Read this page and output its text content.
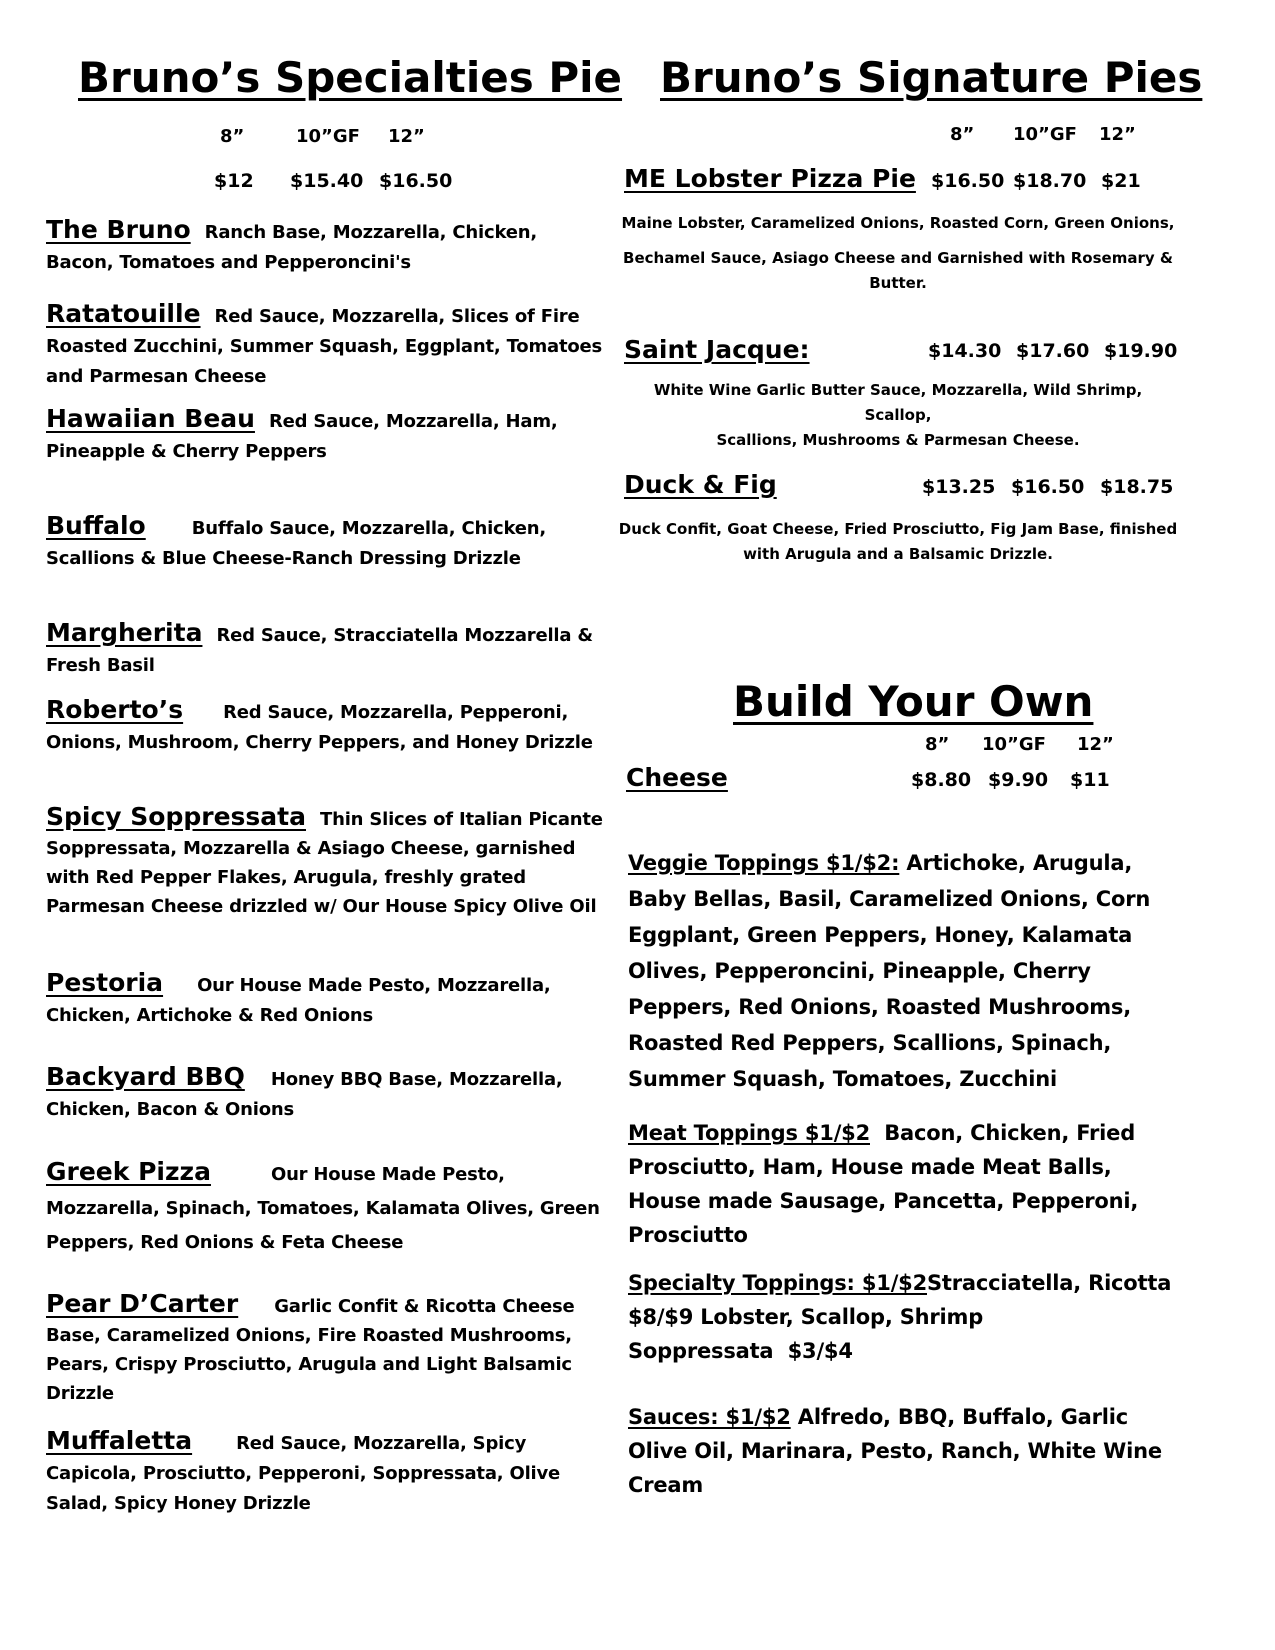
Bruno’s Specialties Pie
8”	10”GF 12”
$12 $15.40 $16.50
The Bruno Ranch Base, Mozzarella, Chicken, Bacon, Tomatoes and Pepperoncini's
Ratatouille Red Sauce, Mozzarella, Slices of Fire Roasted Zucchini, Summer Squash, Eggplant, Tomatoes and Parmesan Cheese
Hawaiian Beau Red Sauce, Mozzarella, Ham, Pineapple & Cherry Peppers
Buffalo	Buffalo Sauce, Mozzarella, Chicken, Scallions & Blue Cheese-Ranch Dressing Drizzle
Margherita Red Sauce, Stracciatella Mozzarella & Fresh Basil
Roberto’s Red Sauce, Mozzarella, Pepperoni, Onions, Mushroom, Cherry Peppers, and Honey Drizzle
Spicy Soppressata Thin Slices of Italian Picante Soppressata, Mozzarella & Asiago Cheese, garnished with Red Pepper Flakes, Arugula, freshly grated Parmesan Cheese drizzled w/ Our House Spicy Olive Oil
Pestoria Our House Made Pesto, Mozzarella, Chicken, Artichoke & Red Onions
Backyard BBQ Honey BBQ Base, Mozzarella, Chicken, Bacon & Onions
Greek Pizza	Our House Made Pesto, Mozzarella, Spinach, Tomatoes, Kalamata Olives, Green Peppers, Red Onions & Feta Cheese
Pear D’Carter Garlic Confit & Ricotta Cheese Base, Caramelized Onions, Fire Roasted Mushrooms, Pears, Crispy Prosciutto, Arugula and Light Balsamic Drizzle
Muffaletta Red Sauce, Mozzarella, Spicy Capicola, Prosciutto, Pepperoni, Soppressata, Olive Salad, Spicy Honey Drizzle
Bruno’s Signature Pies
8” 10”GF 12”
ME Lobster Pizza Pie $16.50 $18.70 $21
Maine Lobster, Caramelized Onions, Roasted Corn, Green Onions,
Bechamel Sauce, Asiago Cheese and Garnished with Rosemary &
Butter.
Saint Jacque:	$14.30 $17.60 $19.90
White Wine Garlic Butter Sauce, Mozzarella, Wild Shrimp, Scallop,
Scallions, Mushrooms & Parmesan Cheese.
Duck & Fig	$13.25 $16.50 $18.75
Duck Confit, Goat Cheese, Fried Prosciutto, Fig Jam Base, finished
with Arugula and a Balsamic Drizzle.
Build Your Own
8” 10”GF 12”
Cheese	$8.80 $9.90 $11
Veggie Toppings $1/$2: Artichoke, Arugula, Baby Bellas, Basil, Caramelized Onions, Corn Eggplant, Green Peppers, Honey, Kalamata Olives, Pepperoncini, Pineapple, Cherry Peppers, Red Onions, Roasted Mushrooms, Roasted Red Peppers, Scallions, Spinach, Summer Squash, Tomatoes, Zucchini
Meat Toppings $1/$2 Bacon, Chicken, Fried Prosciutto, Ham, House made Meat Balls, House made Sausage, Pancetta, Pepperoni, Prosciutto
Specialty Toppings: $1/$2Stracciatella, Ricotta
$8/$9 Lobster, Scallop, Shrimp
Soppressata $3/$4
Sauces: $1/$2 Alfredo, BBQ, Buffalo, Garlic Olive Oil, Marinara, Pesto, Ranch, White Wine Cream
